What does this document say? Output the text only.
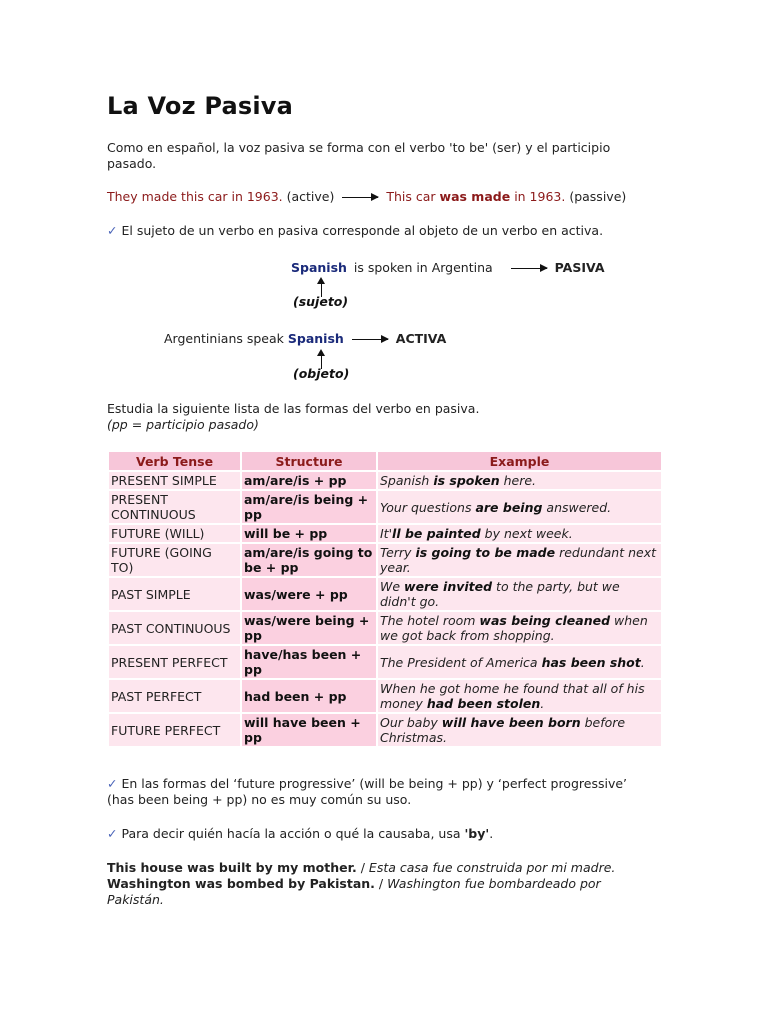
La Voz Pasiva
Como en español, la voz pasiva se forma con el verbo 'to be' (ser) y el participio pasado.
They made this car in 1963. (active)	This car was made in 1963. (passive)
✓ El sujeto de un verbo en pasiva corresponde al objeto de un verbo en activa.
Spanish is spoken in Argentina	PASIVA
(sujeto)
Argentinians speak Spanish	ACTIVA
(objeto)
Estudia la siguiente lista de las formas del verbo en pasiva.
(pp = participio pasado)
Verb Tense	Structure	Example
PRESENT SIMPLE	am/are/is + pp	Spanish is spoken here.
PRESENT CONTINUOUS	am/are/is being + pp	Your questions are being answered.
FUTURE (WILL)	will be + pp	It'll be painted by next week.
FUTURE (GOING TO)	am/are/is going to be + pp	Terry is going to be made redundant next year.
PAST SIMPLE	was/were + pp	We were invited to the party, but we didn't go.
PAST CONTINUOUS	was/were being + pp	The hotel room was being cleaned when we got back from shopping.
PRESENT PERFECT	have/has been + pp	The President of America has been shot.
PAST PERFECT	had been + pp	When he got home he found that all of his money had been stolen.
FUTURE PERFECT	will have been + pp	Our baby will have been born before Christmas.
✓ En las formas del ‘future progressive’ (will be being + pp) y ‘perfect progressive’ (has been being + pp) no es muy común su uso.
✓ Para decir quién hacía la acción o qué la causaba, usa 'by'.
This house was built by my mother. / Esta casa fue construida por mi madre.
Washington was bombed by Pakistan. / Washington fue bombardeado por Pakistán.
